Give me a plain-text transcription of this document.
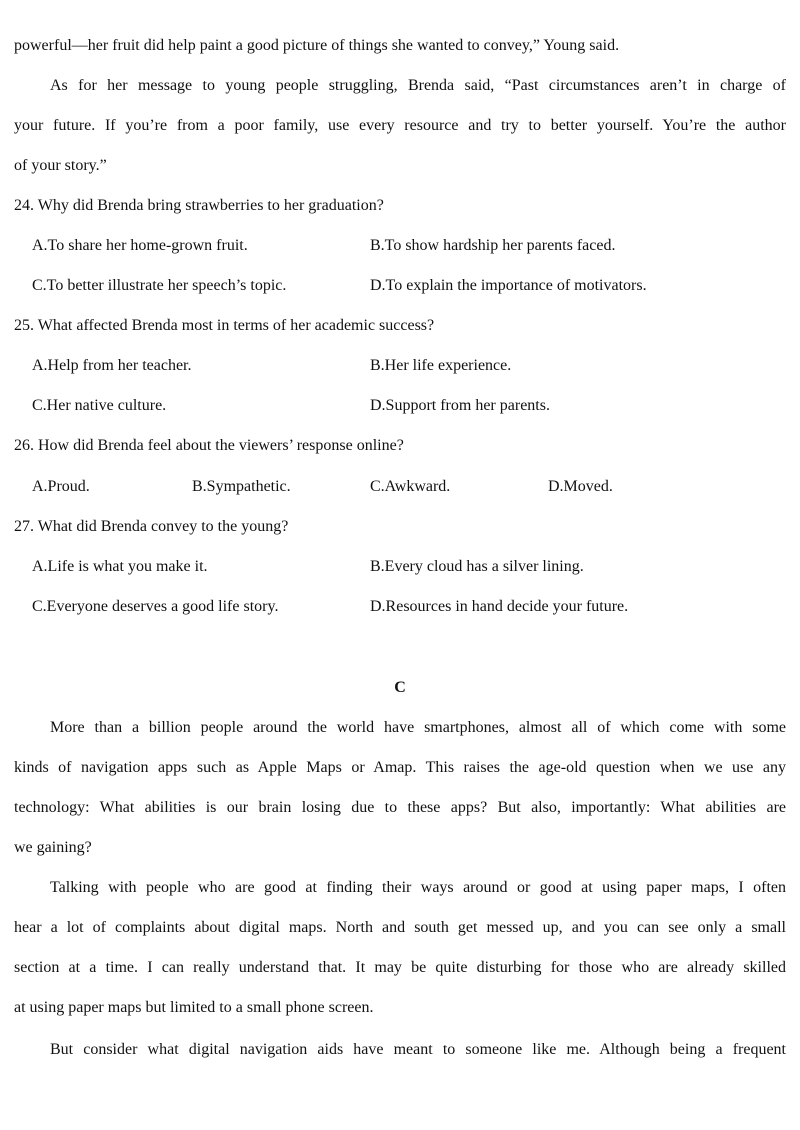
powerful—her fruit did help paint a good picture of things she wanted to convey,” Young said.
As for her message to young people struggling, Brenda said, “Past circumstances aren’t in charge of
your future. If you’re from a poor family, use every resource and try to better yourself. You’re the author
of your story.”
24. Why did Brenda bring strawberries to her graduation?
A.To share her home-grown fruit.	B.To show hardship her parents faced.
C.To better illustrate her speech’s topic.	D.To explain the importance of motivators.
25. What affected Brenda most in terms of her academic success?
A.Help from her teacher.	B.Her life experience.
C.Her native culture.	D.Support from her parents.
26. How did Brenda feel about the viewers’ response online?
A.Proud.	B.Sympathetic.	C.Awkward.	D.Moved.
27. What did Brenda convey to the young?
A.Life is what you make it.	B.Every cloud has a silver lining.
C.Everyone deserves a good life story.	D.Resources in hand decide your future.
C
More than a billion people around the world have smartphones, almost all of which come with some
kinds of navigation apps such as Apple Maps or Amap. This raises the age-old question when we use any
technology: What abilities is our brain losing due to these apps? But also, importantly: What abilities are
we gaining?
Talking with people who are good at finding their ways around or good at using paper maps, I often
hear a lot of complaints about digital maps. North and south get messed up, and you can see only a small
section at a time. I can really understand that. It may be quite disturbing for those who are already skilled
at using paper maps but limited to a small phone screen.
But consider what digital navigation aids have meant to someone like me. Although being a frequent
